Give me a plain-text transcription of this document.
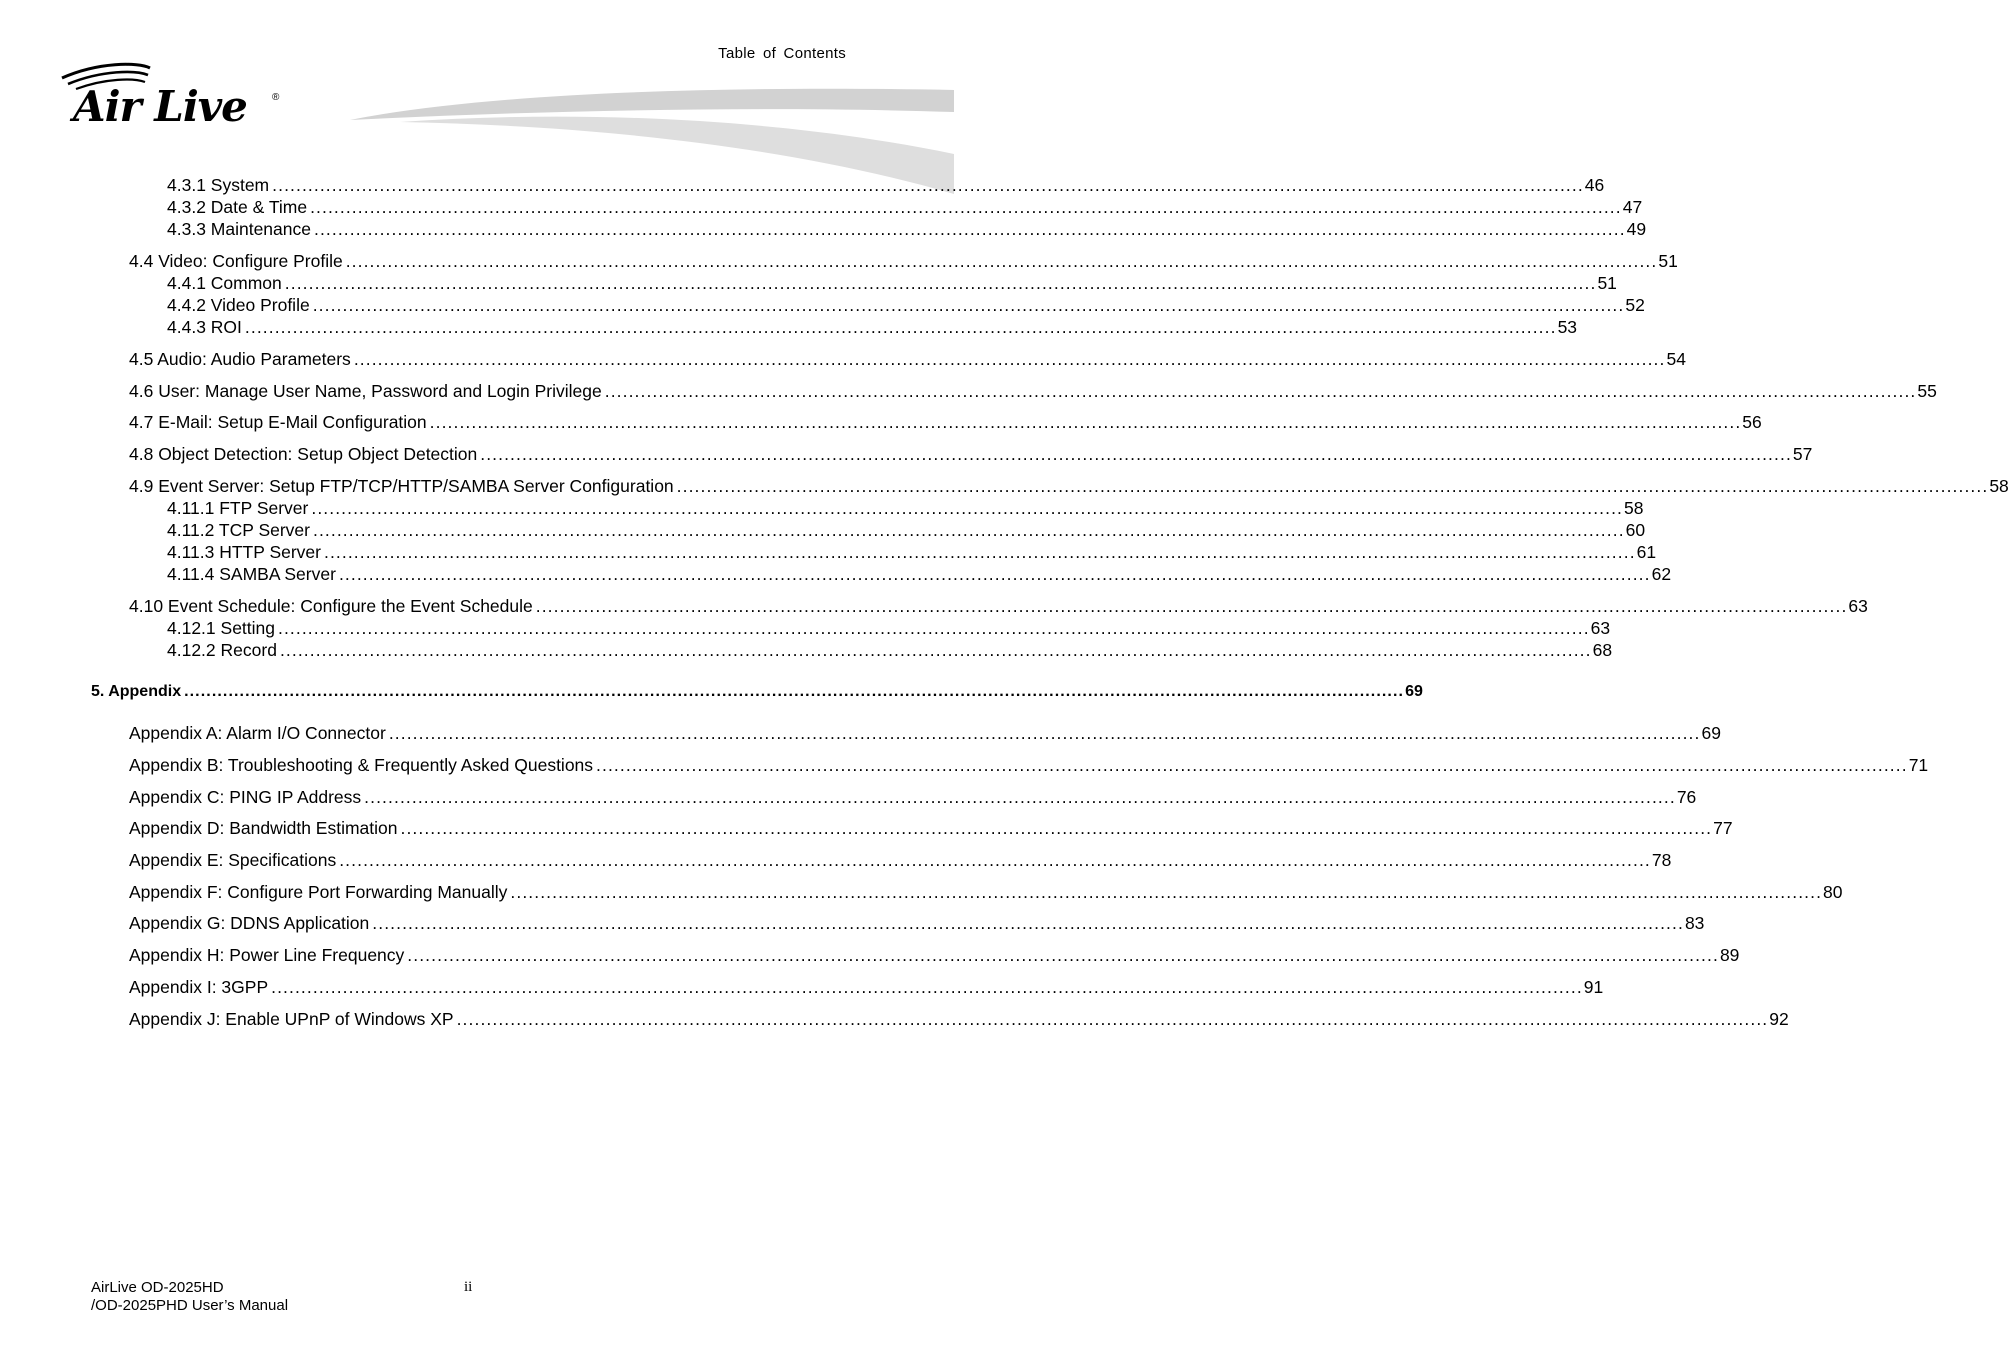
Table of Contents
Air Live	®
4.3.1 System ............................................................................................................................................................................................................................ 46
4.3.2 Date & Time ............................................................................................................................................................................................................................ 47
4.3.3 Maintenance ............................................................................................................................................................................................................................ 49
4.4 Video: Configure Profile ............................................................................................................................................................................................................................ 51
4.4.1 Common ............................................................................................................................................................................................................................ 51
4.4.2 Video Profile ............................................................................................................................................................................................................................ 52
4.4.3 ROI ............................................................................................................................................................................................................................ 53
4.5 Audio: Audio Parameters ............................................................................................................................................................................................................................ 54
4.6 User: Manage User Name, Password and Login Privilege ............................................................................................................................................................................................................................ 55
4.7 E-Mail: Setup E-Mail Configuration ............................................................................................................................................................................................................................ 56
4.8 Object Detection: Setup Object Detection ............................................................................................................................................................................................................................ 57
4.9 Event Server: Setup FTP/TCP/HTTP/SAMBA Server Configuration ............................................................................................................................................................................................................................ 58
4.11.1 FTP Server ............................................................................................................................................................................................................................ 58
4.11.2 TCP Server ............................................................................................................................................................................................................................ 60
4.11.3 HTTP Server ............................................................................................................................................................................................................................ 61
4.11.4 SAMBA Server ............................................................................................................................................................................................................................ 62
4.10 Event Schedule: Configure the Event Schedule ............................................................................................................................................................................................................................ 63
4.12.1 Setting ............................................................................................................................................................................................................................ 63
4.12.2 Record ............................................................................................................................................................................................................................ 68
5. Appendix ............................................................................................................................................................................................................................ 69
Appendix A: Alarm I/O Connector ............................................................................................................................................................................................................................ 69
Appendix B: Troubleshooting & Frequently Asked Questions ............................................................................................................................................................................................................................ 71
Appendix C: PING IP Address ............................................................................................................................................................................................................................ 76
Appendix D: Bandwidth Estimation ............................................................................................................................................................................................................................ 77
Appendix E: Specifications ............................................................................................................................................................................................................................ 78
Appendix F: Configure Port Forwarding Manually ............................................................................................................................................................................................................................ 80
Appendix G: DDNS Application ............................................................................................................................................................................................................................ 83
Appendix H: Power Line Frequency ............................................................................................................................................................................................................................ 89
Appendix I: 3GPP ............................................................................................................................................................................................................................ 91
Appendix J: Enable UPnP of Windows XP ............................................................................................................................................................................................................................ 92
AirLive OD-2025HD
/OD-2025PHD User’s Manual
ii
